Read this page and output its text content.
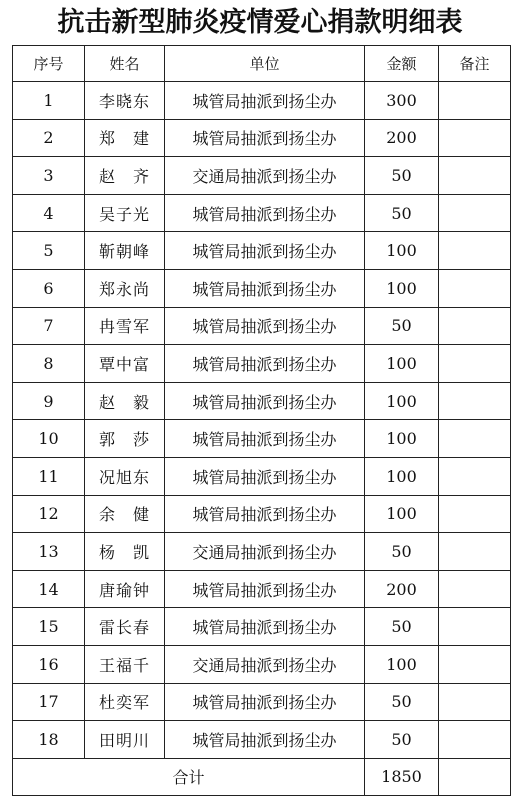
抗击新型肺炎疫情爱心捐款明细表
序号	姓名	单位	金额	备注
1	李晓东	城管局抽派到扬尘办	300	
2	郑　建	城管局抽派到扬尘办	200	
3	赵　齐	交通局抽派到扬尘办	50	
4	吴子光	城管局抽派到扬尘办	50	
5	靳朝峰	城管局抽派到扬尘办	100	
6	郑永尚	城管局抽派到扬尘办	100	
7	冉雪军	城管局抽派到扬尘办	50	
8	覃中富	城管局抽派到扬尘办	100	
9	赵　毅	城管局抽派到扬尘办	100	
10	郭　莎	城管局抽派到扬尘办	100	
11	况旭东	城管局抽派到扬尘办	100	
12	余　健	城管局抽派到扬尘办	100	
13	杨　凯	交通局抽派到扬尘办	50	
14	唐瑜钟	城管局抽派到扬尘办	200	
15	雷长春	城管局抽派到扬尘办	50	
16	王福千	交通局抽派到扬尘办	100	
17	杜奕军	城管局抽派到扬尘办	50	
18	田明川	城管局抽派到扬尘办	50	
合计			1850	
